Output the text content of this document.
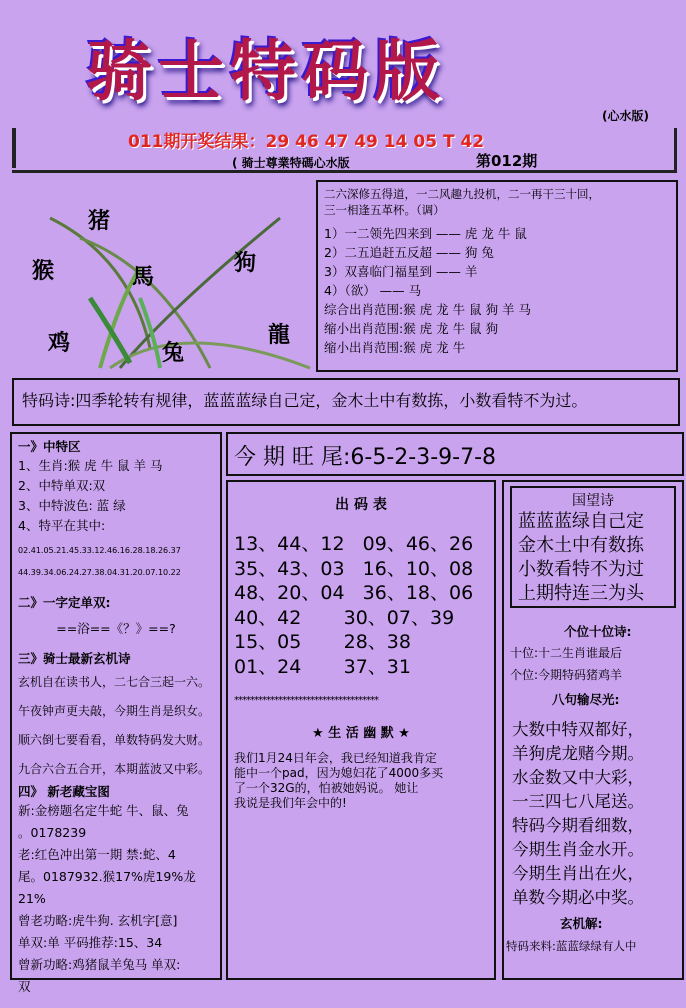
骑士特码版
(心水版)
011期开奖结果：29 46 47 49 14 05 T 42
( 骑士尊業特碼心水版	第012期
猪
狗
猴	馬
鸡	兔
龍
二六深修五得道，一二风趣九投机，二一再干三十回，
三一相逢五革杯。（调）
1）一二领先四来到 —— 虎 龙 牛 鼠
2）二五追赶五反超 —— 狗 兔
3）双喜临门福星到 —— 羊
4）（欲） —— 马
综合出肖范围:猴 虎 龙 牛 鼠 狗 羊 马
缩小出肖范围:猴 虎 龙 牛 鼠 狗
缩小出肖范围:猴 虎 龙 牛
特码诗:四季轮转有规律，蓝蓝蓝绿自己定，金木土中有数拣，小数看特不为过。
一》中特区
1、生肖:猴 虎 牛 鼠 羊 马
2、中特单双:双
3、中特波色: 蓝 绿
4、特平在其中:
02.41.05.21.45.33.12.46.16.28.18.26.37
44.39.34.06.24.27.38.04.31.20.07.10.22
二》一字定单双:
==浴==《？》==?
三》骑士最新玄机诗
玄机自在读书人，二七合三起一六。
午夜钟声更夫敲，今期生肖是织女。
顺六倒七要看看，单数特码发大财。
九合六合五合开，本期蓝波又中彩。
四》 新老藏宝图
新:金榜题名定牛蛇 牛、鼠、兔
。0178239
老:红色冲出第一期 禁:蛇、4
尾。0187932.猴17%虎19%龙21%
曾老功略:虎牛狗. 玄机字[意]
单双:单 平码推荐:15、34
曾新功略:鸡猪鼠羊兔马 单双:
双
今 期 旺 尾:6-5-2-3-9-7-8
出 码 表
13、44、12   09、46、26
35、43、03   16、10、08
48、20、04   36、18、06
40、42       30、07、39
15、05       28、38
01、24       37、31
************************************
★ 生 活 幽 默 ★
我们1月24日年会，我已经知道我肯定
能中一个pad，因为媳妇花了4000多买
了一个32G的，怕被她妈说。 她让
我说是我们年会中的!
国望诗
蓝蓝蓝绿自己定
金木土中有数拣
小数看特不为过
上期特连三为头
个位十位诗:
十位:十二生肖谁最后
个位:今期特码猪鸡羊
八句输尽光:
大数中特双都好，
羊狗虎龙赌今期。
水金数又中大彩，
一三四七八尾送。
特码今期看细数，
今期生肖金水开。
今期生肖出在火，
单数今期必中奖。
玄机解:
特码来料:蓝蓝绿绿有人中
